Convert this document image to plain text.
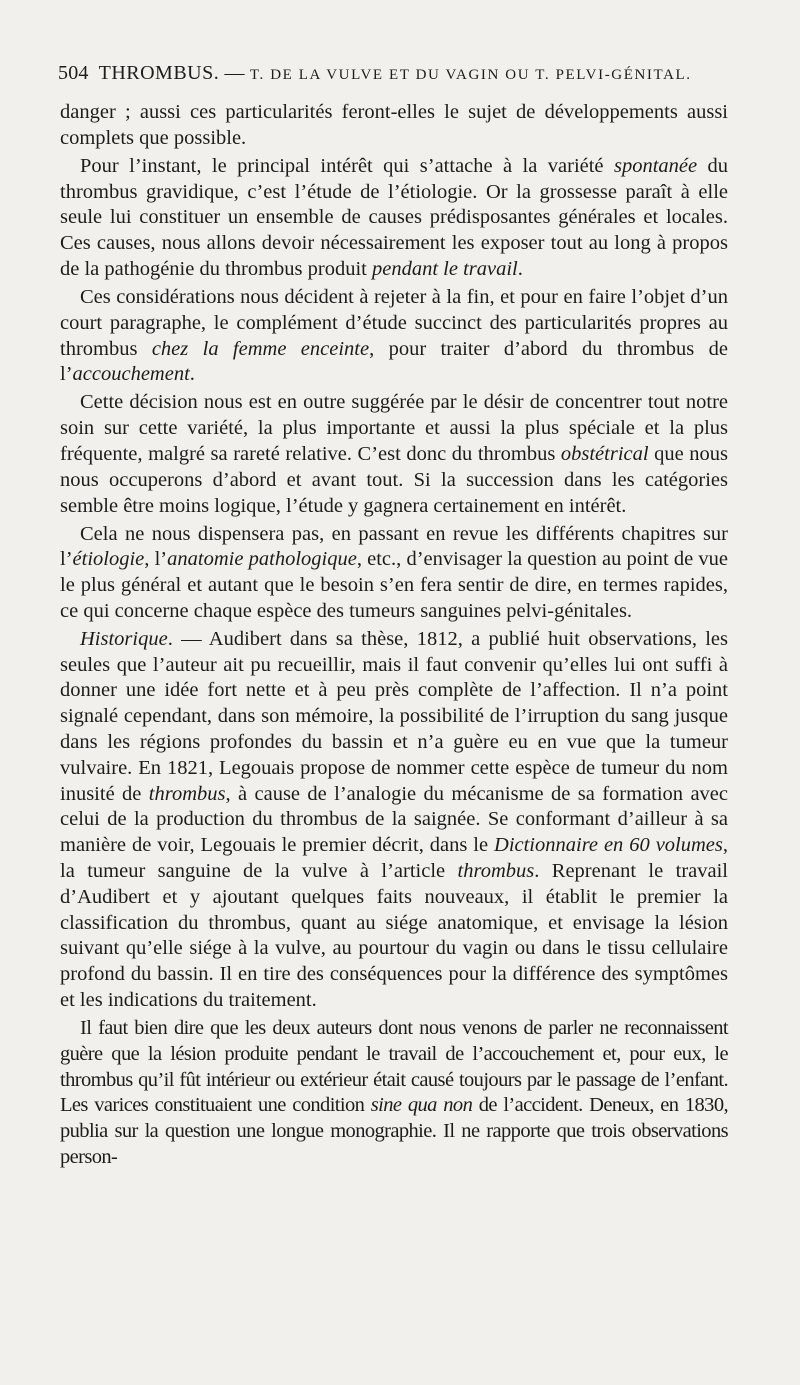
504 THROMBUS. — T. DE LA VULVE ET DU VAGIN OU T. PELVI-GÉNITAL.

danger ; aussi ces particularités feront-elles le sujet de développements aussi complets que possible.

Pour l’instant, le principal intérêt qui s’attache à la variété spontanée du thrombus gravidique, c’est l’étude de l’étiologie. Or la grossesse paraît à elle seule lui constituer un ensemble de causes prédisposantes générales et locales. Ces causes, nous allons devoir nécessairement les exposer tout au long à propos de la pathogénie du thrombus produit pendant le travail.

Ces considérations nous décident à rejeter à la fin, et pour en faire l’objet d’un court paragraphe, le complément d’étude succinct des particularités propres au thrombus chez la femme enceinte, pour traiter d’abord du thrombus de l’accouchement.

Cette décision nous est en outre suggérée par le désir de concentrer tout notre soin sur cette variété, la plus importante et aussi la plus spéciale et la plus fréquente, malgré sa rareté relative. C’est donc du thrombus obstétrical que nous nous occuperons d’abord et avant tout. Si la succession dans les catégories semble être moins logique, l’étude y gagnera certainement en intérêt.

Cela ne nous dispensera pas, en passant en revue les différents chapitres sur l’étiologie, l’anatomie pathologique, etc., d’envisager la question au point de vue le plus général et autant que le besoin s’en fera sentir de dire, en termes rapides, ce qui concerne chaque espèce des tumeurs sanguines pelvi-génitales.

Historique. — Audibert dans sa thèse, 1812, a publié huit observations, les seules que l’auteur ait pu recueillir, mais il faut convenir qu’elles lui ont suffi à donner une idée fort nette et à peu près complète de l’affection. Il n’a point signalé cependant, dans son mémoire, la possibilité de l’irruption du sang jusque dans les régions profondes du bassin et n’a guère eu en vue que la tumeur vulvaire. En 1821, Legouais propose de nommer cette espèce de tumeur du nom inusité de thrombus, à cause de l’analogie du mécanisme de sa formation avec celui de la production du thrombus de la saignée. Se conformant d’ailleur à sa manière de voir, Legouais le premier décrit, dans le Dictionnaire en 60 volumes, la tumeur sanguine de la vulve à l’article thrombus. Reprenant le travail d’Audibert et y ajoutant quelques faits nouveaux, il établit le premier la classification du thrombus, quant au siége anatomique, et envisage la lésion suivant qu’elle siége à la vulve, au pourtour du vagin ou dans le tissu cellulaire profond du bassin. Il en tire des conséquences pour la différence des symptômes et les indications du traitement.

Il faut bien dire que les deux auteurs dont nous venons de parler ne reconnaissent guère que la lésion produite pendant le travail de l’accouchement et, pour eux, le thrombus qu’il fût intérieur ou extérieur était causé toujours par le passage de l’enfant. Les varices constituaient une condition sine qua non de l’accident. Deneux, en 1830, publia sur la question une longue monographie. Il ne rapporte que trois observations person-
